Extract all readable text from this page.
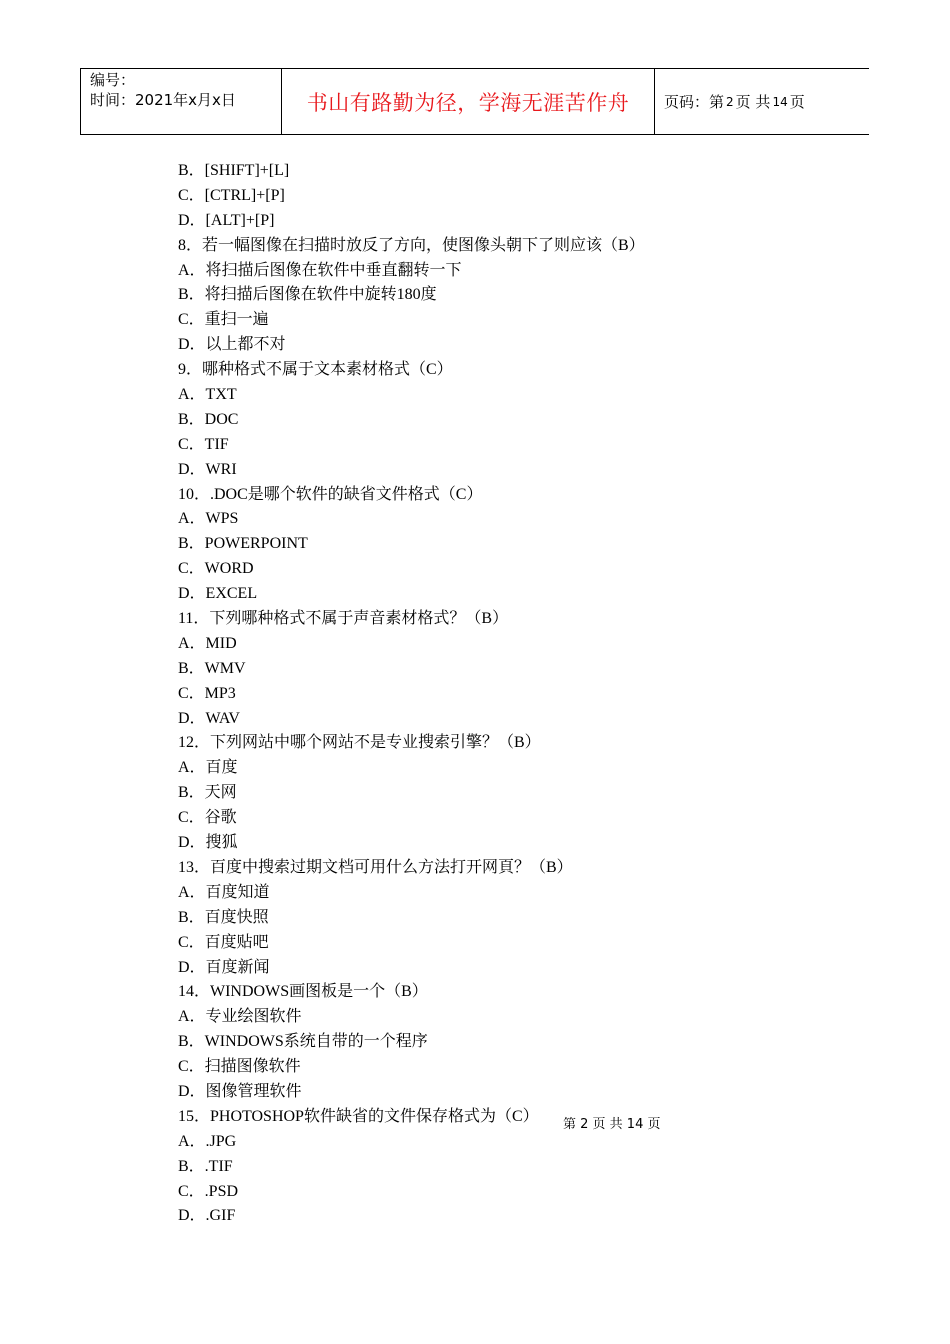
编号：
时间：2021年x月x日	书山有路勤为径，学海无涯苦作舟 页码：第 2 页 共 14 页
B．[SHIFT]+[L]
C．[CTRL]+[P]
D．[ALT]+[P]
8．若一幅图像在扫描时放反了方向，使图像头朝下了则应该（B）
A．将扫描后图像在软件中垂直翻转一下
B．将扫描后图像在软件中旋转180度
C．重扫一遍
D．以上都不对
9．哪种格式不属于文本素材格式（C）
A．TXT
B．DOC
C．TIF
D．WRI
10．.DOC是哪个软件的缺省文件格式（C）
A．WPS
B．POWERPOINT
C．WORD
D．EXCEL
11．下列哪种格式不属于声音素材格式？（B）
A．MID
B．WMV
C．MP3
D．WAV
12．下列网站中哪个网站不是专业搜索引擎？（B）
A．百度
B．天网
C．谷歌
D．搜狐
13．百度中搜索过期文档可用什么方法打开网頁？（B）
A．百度知道
B．百度快照
C．百度贴吧
D．百度新闻
14．WINDOWS画图板是一个（B）
A．专业绘图软件
B．WINDOWS系统自带的一个程序
C．扫描图像软件
D．图像管理软件
15．PHOTOSHOP软件缺省的文件保存格式为（C）
A．.JPG
B．.TIF
C．.PSD
D．.GIF
第 2 页 共 14 页
